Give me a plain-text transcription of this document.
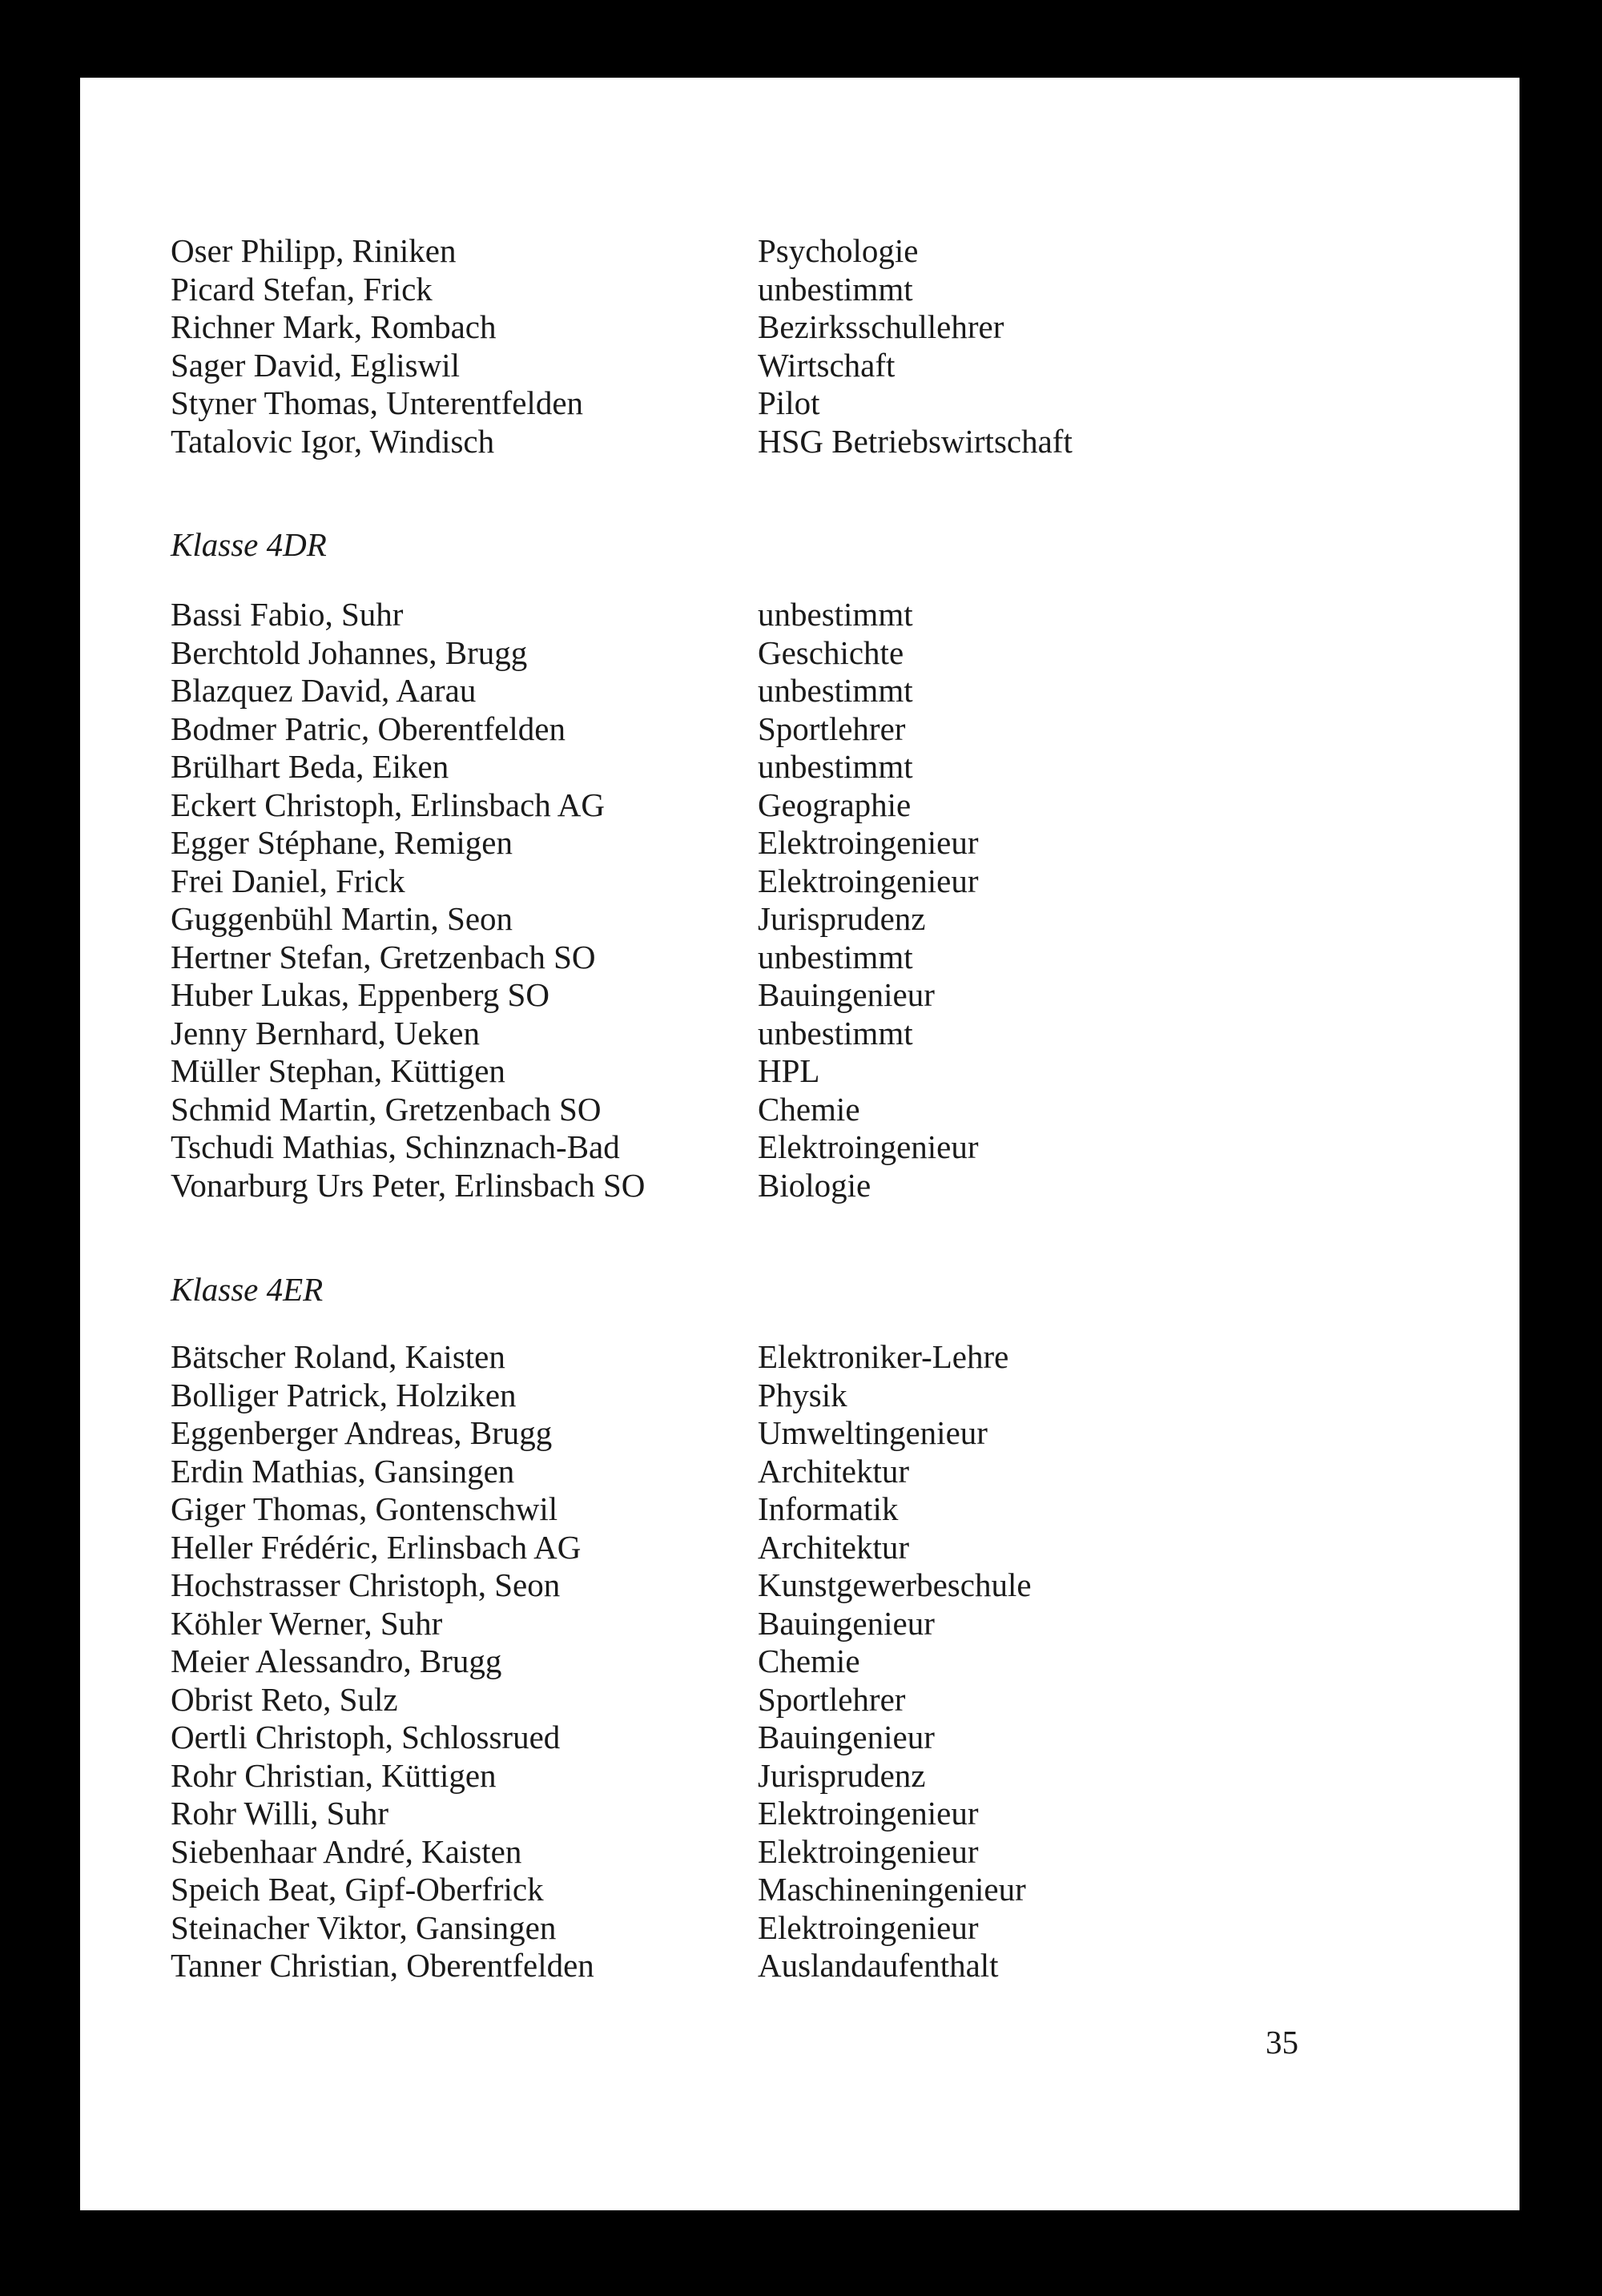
Oser Philipp, Riniken	Psychologie
Picard Stefan, Frick	unbestimmt
Richner Mark, Rombach	Bezirksschullehrer
Sager David, Egliswil	Wirtschaft
Styner Thomas, Unterentfelden	Pilot
Tatalovic Igor, Windisch	HSG Betriebswirtschaft
Klasse 4DR
Bassi Fabio, Suhr	unbestimmt
Berchtold Johannes, Brugg	Geschichte
Blazquez David, Aarau	unbestimmt
Bodmer Patric, Oberentfelden	Sportlehrer
Brülhart Beda, Eiken	unbestimmt
Eckert Christoph, Erlinsbach AG	Geographie
Egger Stéphane, Remigen	Elektroingenieur
Frei Daniel, Frick	Elektroingenieur
Guggenbühl Martin, Seon	Jurisprudenz
Hertner Stefan, Gretzenbach SO	unbestimmt
Huber Lukas, Eppenberg SO	Bauingenieur
Jenny Bernhard, Ueken	unbestimmt
Müller Stephan, Küttigen	HPL
Schmid Martin, Gretzenbach SO	Chemie
Tschudi Mathias, Schinznach-Bad	Elektroingenieur
Vonarburg Urs Peter, Erlinsbach SO	Biologie
Klasse 4ER
Bätscher Roland, Kaisten	Elektroniker-Lehre
Bolliger Patrick, Holziken	Physik
Eggenberger Andreas, Brugg	Umweltingenieur
Erdin Mathias, Gansingen	Architektur
Giger Thomas, Gontenschwil	Informatik
Heller Frédéric, Erlinsbach AG	Architektur
Hochstrasser Christoph, Seon	Kunstgewerbeschule
Köhler Werner, Suhr	Bauingenieur
Meier Alessandro, Brugg	Chemie
Obrist Reto, Sulz	Sportlehrer
Oertli Christoph, Schlossrued	Bauingenieur
Rohr Christian, Küttigen	Jurisprudenz
Rohr Willi, Suhr	Elektroingenieur
Siebenhaar André, Kaisten	Elektroingenieur
Speich Beat, Gipf-Oberfrick	Maschineningenieur
Steinacher Viktor, Gansingen	Elektroingenieur
Tanner Christian, Oberentfelden	Auslandaufenthalt
35
